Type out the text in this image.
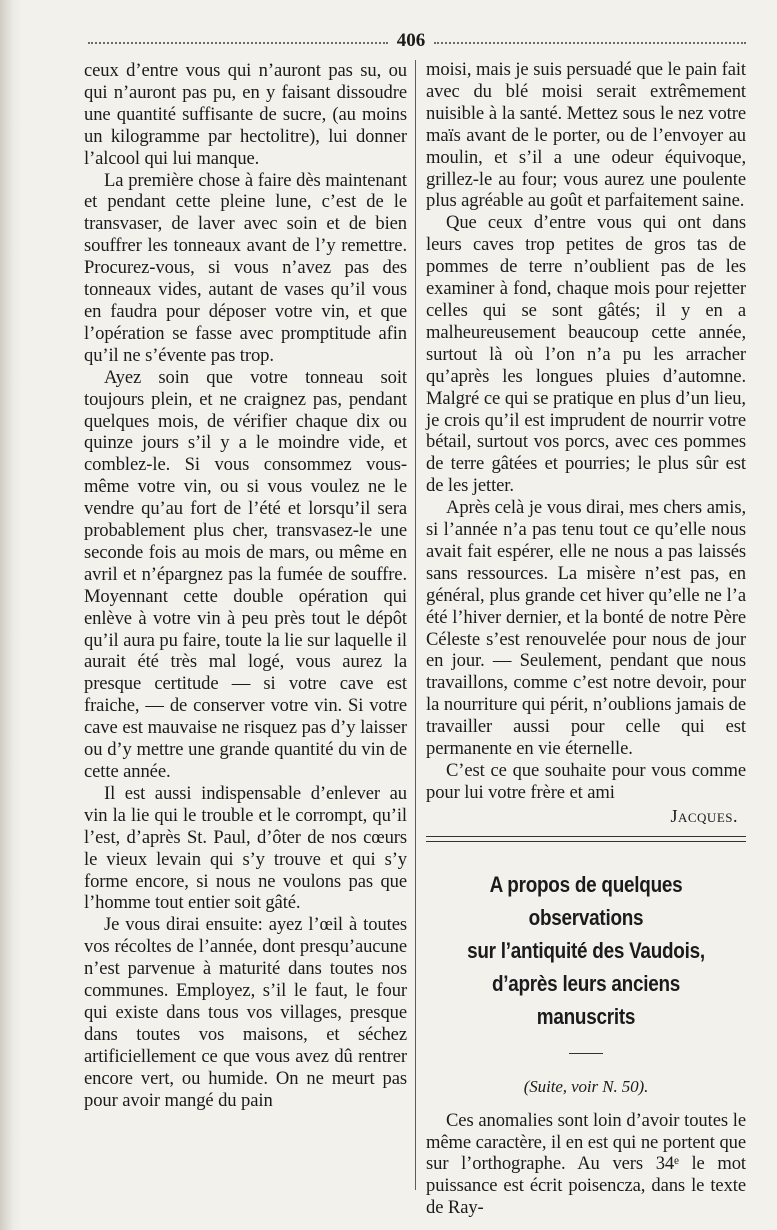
406

ceux d’entre vous qui n’auront pas su, ou qui n’auront pas pu, en y faisant dissoudre une quantité suffisante de sucre, (au moins un kilogramme par hectolitre), lui donner l’alcool qui lui manque.

La première chose à faire dès maintenant et pendant cette pleine lune, c’est de le transvaser, de laver avec soin et de bien souffrer les tonneaux avant de l’y remettre. Procurez-vous, si vous n’avez pas des tonneaux vides, autant de vases qu’il vous en faudra pour déposer votre vin, et que l’opération se fasse avec promptitude afin qu’il ne s’évente pas trop.

Ayez soin que votre tonneau soit toujours plein, et ne craignez pas, pendant quelques mois, de vérifier chaque dix ou quinze jours s’il y a le moindre vide, et comblez-le. Si vous consommez vous-même votre vin, ou si vous voulez ne le vendre qu’au fort de l’été et lorsqu’il sera probablement plus cher, transvasez-le une seconde fois au mois de mars, ou même en avril et n’épargnez pas la fumée de souffre. Moyennant cette double opération qui enlève à votre vin à peu près tout le dépôt qu’il aura pu faire, toute la lie sur laquelle il aurait été très mal logé, vous aurez la presque certitude — si votre cave est fraiche, — de conserver votre vin. Si votre cave est mauvaise ne risquez pas d’y laisser ou d’y mettre une grande quantité du vin de cette année.

Il est aussi indispensable d’enlever au vin la lie qui le trouble et le corrompt, qu’il l’est, d’après St. Paul, d’ôter de nos cœurs le vieux levain qui s’y trouve et qui s’y forme encore, si nous ne voulons pas que l’homme tout entier soit gâté.

Je vous dirai ensuite: ayez l’œil à toutes vos récoltes de l’année, dont presqu’aucune n’est parvenue à maturité dans toutes nos communes. Employez, s’il le faut, le four qui existe dans tous vos villages, presque dans toutes vos maisons, et séchez artificiellement ce que vous avez dû rentrer encore vert, ou humide. On ne meurt pas pour avoir mangé du pain

moisi, mais je suis persuadé que le pain fait avec du blé moisi serait extrêmement nuisible à la santé. Mettez sous le nez votre maïs avant de le porter, ou de l’envoyer au moulin, et s’il a une odeur équivoque, grillez-le au four; vous aurez une poulente plus agréable au goût et parfaitement saine.

Que ceux d’entre vous qui ont dans leurs caves trop petites de gros tas de pommes de terre n’oublient pas de les examiner à fond, chaque mois pour rejetter celles qui se sont gâtés; il y en a malheureusement beaucoup cette année, surtout là où l’on n’a pu les arracher qu’après les longues pluies d’automne. Malgré ce qui se pratique en plus d’un lieu, je crois qu’il est imprudent de nourrir votre bétail, surtout vos porcs, avec ces pommes de terre gâtées et pourries; le plus sûr est de les jetter.

Après celà je vous dirai, mes chers amis, si l’année n’a pas tenu tout ce qu’elle nous avait fait espérer, elle ne nous a pas laissés sans ressources. La misère n’est pas, en général, plus grande cet hiver qu’elle ne l’a été l’hiver dernier, et la bonté de notre Père Céleste s’est renouvelée pour nous de jour en jour. — Seulement, pendant que nous travaillons, comme c’est notre devoir, pour la nourriture qui périt, n’oublions jamais de travailler aussi pour celle qui est permanente en vie éternelle.

C’est ce que souhaite pour vous comme pour lui votre frère et ami

Jacques.

A propos de quelques observations

sur l’antiquité des Vaudois,

d’après leurs anciens manuscrits

(Suite, voir N. 50).

Ces anomalies sont loin d’avoir toutes le même caractère, il en est qui ne portent que sur l’orthographe. Au vers 34ᵉ le mot puissance est écrit poisencza, dans le texte de Ray-
